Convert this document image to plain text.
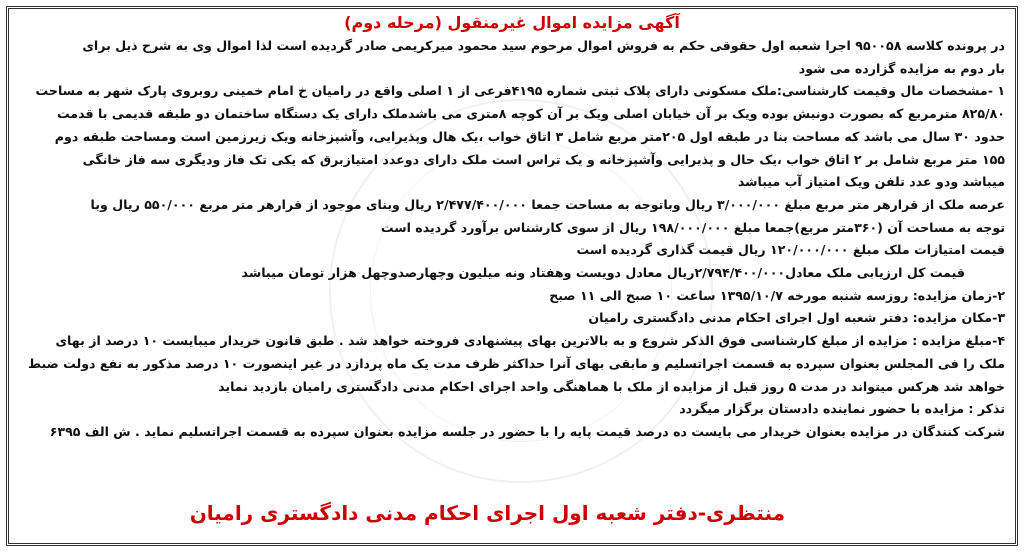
آگهی مزایده اموال غیرمنقول (مرحله دوم)
در پرونده کلاسه ۹۵۰۰۵۸ اجرا شعبه اول حقوقی حکم به فروش اموال مرحوم سید محمود میرکریمی صادر گردیده است لذا اموال وی به شرح ذیل برای
بار دوم به مزایده گزارده می شود
۱ -مشخصات مال وقیمت کارشناسی:ملک مسکونی دارای پلاک ثبتی شماره ۴۱۹۵فرعی از ۱ اصلی واقع در رامیان خ امام خمینی روبروی پارک شهر به مساحت
۸۲۵/۸۰ مترمربع که بصورت دونبش بوده ویک بر آن خیابان اصلی ویک بر آن کوچه ۸متری می باشدملک دارای یک دستگاه ساختمان دو طبقه قدیمی با قدمت
حدود ۳۰ سال می باشد که مساحت بنا در طبقه اول ۲۰۵متر مربع شامل ۳ اتاق خواب ،یک هال وپذیرایی، وآشپزخانه ویک زیرزمین است ومساحت طبقه دوم
۱۵۵ متر مربع شامل بر ۲ اتاق خواب ،یک حال و پذیرایی وآشپزخانه و یک تراس است ملک دارای دوعدد امتیازبرق که یکی تک فاز ودیگری سه فاز خانگی
میباشد ودو عدد تلفن ویک امتیاز آب میباشد
عرصه ملک از قرارهر متر مربع مبلغ ۳/۰۰۰/۰۰۰ ریال وباتوجه به مساحت جمعا ۲/۴۷۷/۴۰۰/۰۰۰ ریال وبنای موجود از قرارهر متر مربع ۵۵۰/۰۰۰ ریال وبا
توجه به مساحت آن (۳۶۰متر مربع)جمعا مبلغ ۱۹۸/۰۰۰/۰۰۰ ریال از سوی کارشناس برآورد گردیده است
قیمت امتیازات ملک مبلغ ۱۲۰/۰۰۰/۰۰۰ ریال قیمت گذاری گردیده است
قیمت کل ارزیابی ملک معادل۲/۷۹۴/۴۰۰/۰۰۰ریال معادل دویست وهفتاد ونه میلیون وچهارصدوچهل هزار تومان میباشد
۲-زمان مزایده: روزسه شنبه مورخه ۱۳۹۵/۱۰/۷ ساعت ۱۰ صبح الی ۱۱ صبح
۳-مکان مزایده: دفتر شعبه اول اجرای احکام مدنی دادگستری رامیان
۴-مبلغ مزایده : مزایده از مبلغ کارشناسی فوق الذکر شروع و به بالاترین بهای پیشنهادی فروخته خواهد شد . طبق قانون خریدار میبایست ۱۰ درصد از بهای
ملک را فی المجلس بعنوان سپرده به قسمت اجراتسلیم و مابقی بهای آنرا حداکثر ظرف مدت یک ماه پردازد در غیر اینصورت ۱۰ درصد مذکور به نفع دولت ضبط
خواهد شد هرکس میتواند در مدت ۵ روز قبل از مزایده از ملک با هماهنگی واحد اجرای احکام مدنی دادگستری رامیان بازدید نماید
تذکر : مزایده با حضور نماینده دادستان برگزار میگردد
شرکت کنندگان در مزایده بعنوان خریدار می بایست ده درصد قیمت پایه را با حضور در جلسه مزایده بعنوان سپرده به قسمت اجراتسلیم نماید . ش الف ۶۳۹۵
منتظری-دفتر شعبه اول اجرای احکام مدنی دادگستری رامیان
